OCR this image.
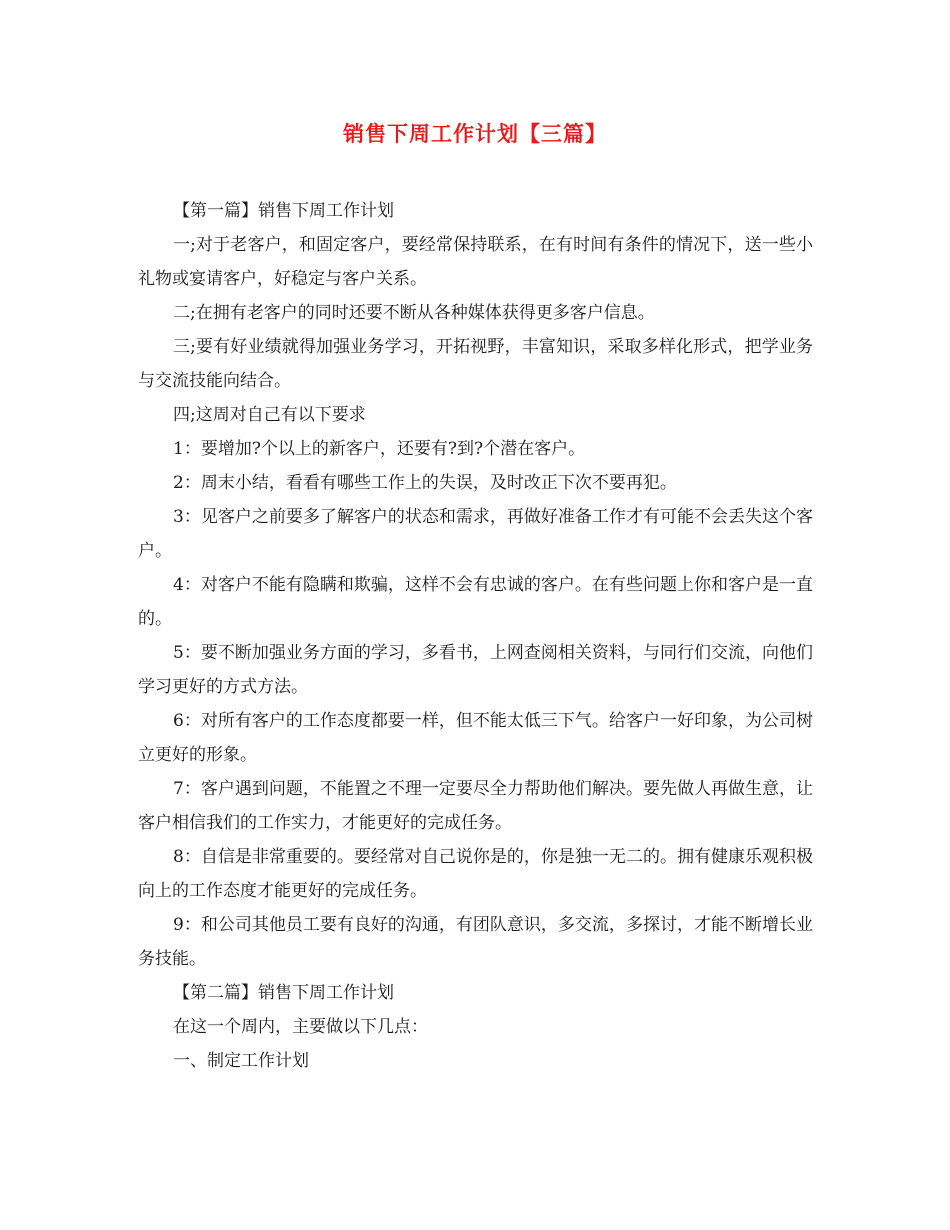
销售下周工作计划【三篇】

【第一篇】销售下周工作计划

一;对于老客户，和固定客户，要经常保持联系，在有时间有条件的情况下，送一些小礼物或宴请客户，好稳定与客户关系。

二;在拥有老客户的同时还要不断从各种媒体获得更多客户信息。

三;要有好业绩就得加强业务学习，开拓视野，丰富知识，采取多样化形式，把学业务与交流技能向结合。

四;这周对自己有以下要求

1：要增加?个以上的新客户，还要有?到?个潜在客户。

2：周末小结，看看有哪些工作上的失误，及时改正下次不要再犯。

3：见客户之前要多了解客户的状态和需求，再做好准备工作才有可能不会丢失这个客户。

4：对客户不能有隐瞒和欺骗，这样不会有忠诚的客户。在有些问题上你和客户是一直的。

5：要不断加强业务方面的学习，多看书，上网查阅相关资料，与同行们交流，向他们学习更好的方式方法。

6：对所有客户的工作态度都要一样，但不能太低三下气。给客户一好印象，为公司树立更好的形象。

7：客户遇到问题，不能置之不理一定要尽全力帮助他们解决。要先做人再做生意，让客户相信我们的工作实力，才能更好的完成任务。

8：自信是非常重要的。要经常对自己说你是的，你是独一无二的。拥有健康乐观积极向上的工作态度才能更好的完成任务。

9：和公司其他员工要有良好的沟通，有团队意识，多交流，多探讨，才能不断增长业务技能。

【第二篇】销售下周工作计划

在这一个周内，主要做以下几点：

一、制定工作计划
